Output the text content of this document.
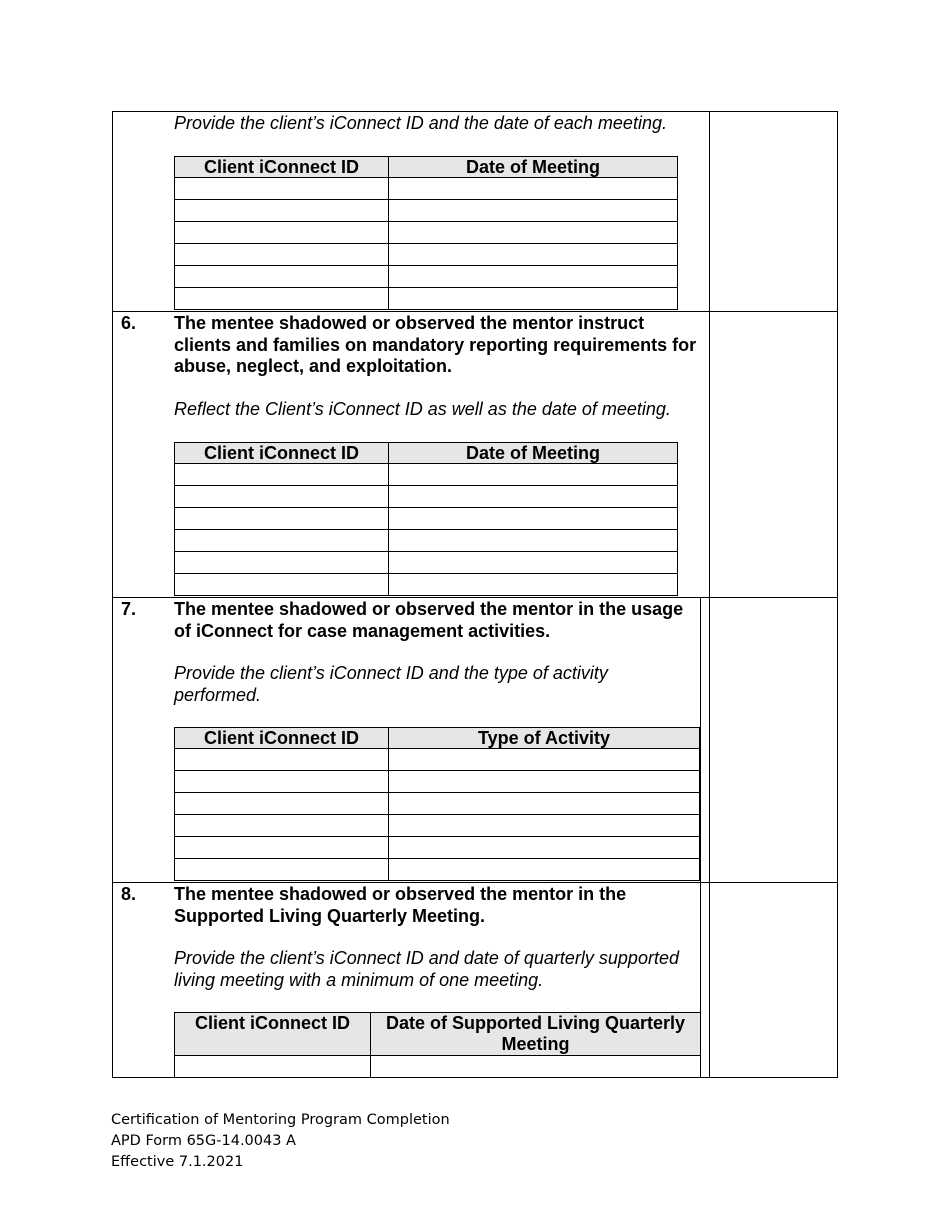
Provide the client’s iConnect ID and the date of each meeting.
Client iConnect ID	Date of Meeting

6. The mentee shadowed or observed the mentor instruct clients and families on mandatory reporting requirements for abuse, neglect, and exploitation.
Reflect the Client’s iConnect ID as well as the date of meeting.
Client iConnect ID	Date of Meeting

7. The mentee shadowed or observed the mentor in the usage of iConnect for case management activities.
Provide the client’s iConnect ID and the type of activity performed.
Client iConnect ID	Type of Activity

8. The mentee shadowed or observed the mentor in the Supported Living Quarterly Meeting.
Provide the client’s iConnect ID and date of quarterly supported living meeting with a minimum of one meeting.
Client iConnect ID	Date of Supported Living Quarterly Meeting

Certification of Mentoring Program Completion
APD Form 65G-14.0043 A
Effective 7.1.2021
